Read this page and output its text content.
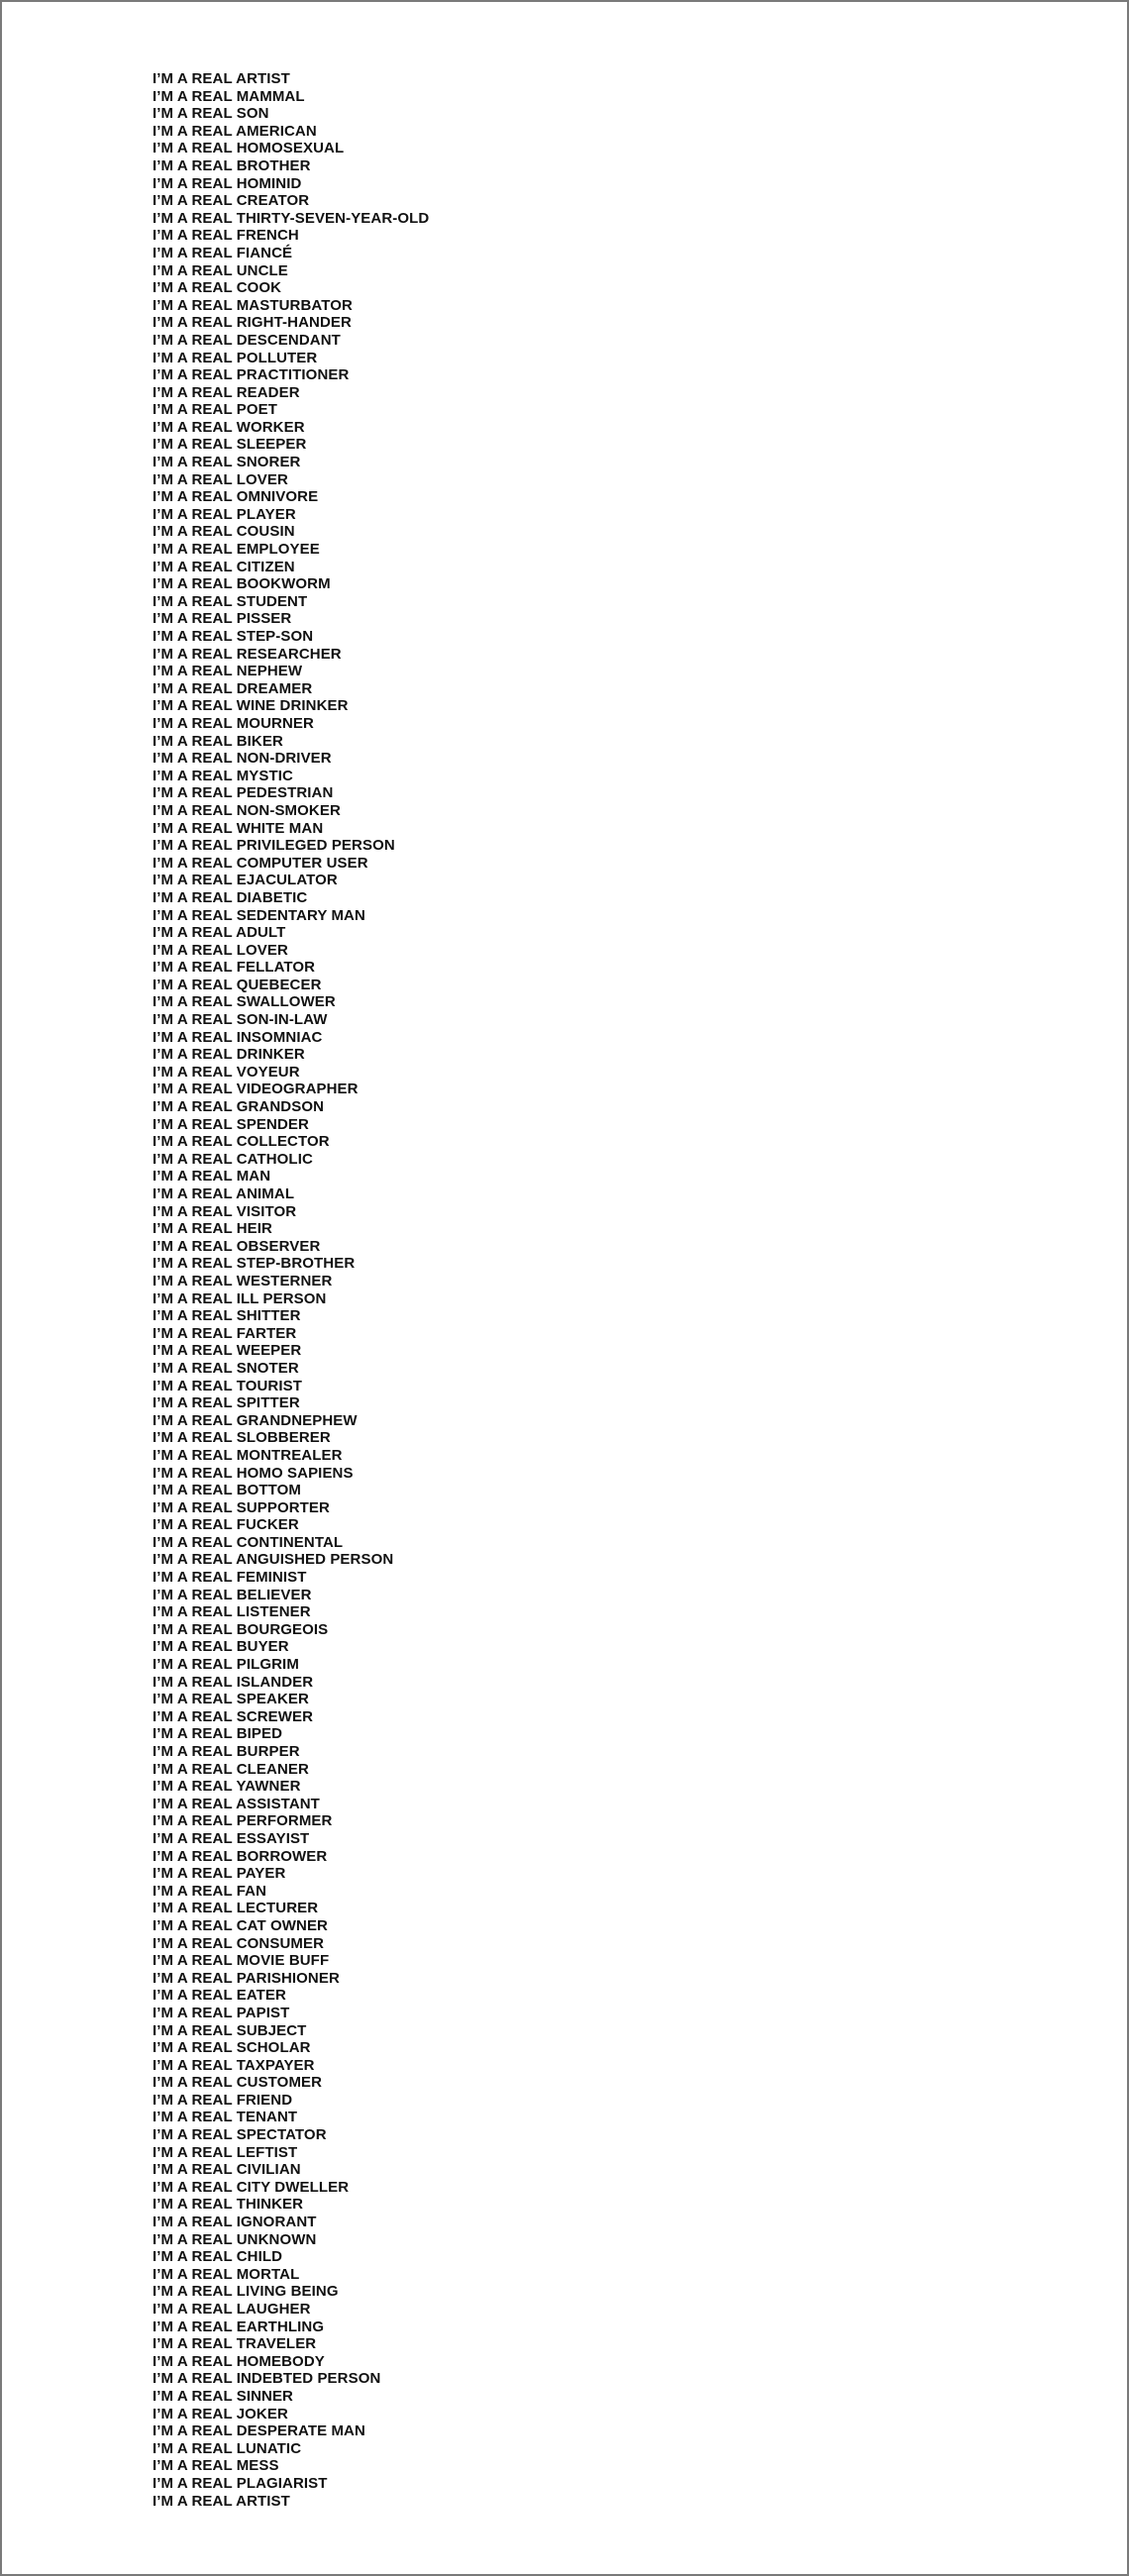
I’M A REAL ARTIST
I’M A REAL MAMMAL
I’M A REAL SON
I’M A REAL AMERICAN
I’M A REAL HOMOSEXUAL
I’M A REAL BROTHER
I’M A REAL HOMINID
I’M A REAL CREATOR
I’M A REAL THIRTY-SEVEN-YEAR-OLD
I’M A REAL FRENCH
I’M A REAL FIANCÉ
I’M A REAL UNCLE
I’M A REAL COOK
I’M A REAL MASTURBATOR
I’M A REAL RIGHT-HANDER
I’M A REAL DESCENDANT
I’M A REAL POLLUTER
I’M A REAL PRACTITIONER
I’M A REAL READER
I’M A REAL POET
I’M A REAL WORKER
I’M A REAL SLEEPER
I’M A REAL SNORER
I’M A REAL LOVER
I’M A REAL OMNIVORE
I’M A REAL PLAYER
I’M A REAL COUSIN
I’M A REAL EMPLOYEE
I’M A REAL CITIZEN
I’M A REAL BOOKWORM
I’M A REAL STUDENT
I’M A REAL PISSER
I’M A REAL STEP-SON
I’M A REAL RESEARCHER
I’M A REAL NEPHEW
I’M A REAL DREAMER
I’M A REAL WINE DRINKER
I’M A REAL MOURNER
I’M A REAL BIKER
I’M A REAL NON-DRIVER
I’M A REAL MYSTIC
I’M A REAL PEDESTRIAN
I’M A REAL NON-SMOKER
I’M A REAL WHITE MAN
I’M A REAL PRIVILEGED PERSON
I’M A REAL COMPUTER USER
I’M A REAL EJACULATOR
I’M A REAL DIABETIC
I’M A REAL SEDENTARY MAN
I’M A REAL ADULT
I’M A REAL LOVER
I’M A REAL FELLATOR
I’M A REAL QUEBECER
I’M A REAL SWALLOWER
I’M A REAL SON-IN-LAW
I’M A REAL INSOMNIAC
I’M A REAL DRINKER
I’M A REAL VOYEUR
I’M A REAL VIDEOGRAPHER
I’M A REAL GRANDSON
I’M A REAL SPENDER
I’M A REAL COLLECTOR
I’M A REAL CATHOLIC
I’M A REAL MAN
I’M A REAL ANIMAL
I’M A REAL VISITOR
I’M A REAL HEIR
I’M A REAL OBSERVER
I’M A REAL STEP-BROTHER
I’M A REAL WESTERNER
I’M A REAL ILL PERSON
I’M A REAL SHITTER
I’M A REAL FARTER
I’M A REAL WEEPER
I’M A REAL SNOTER
I’M A REAL TOURIST
I’M A REAL SPITTER
I’M A REAL GRANDNEPHEW
I’M A REAL SLOBBERER
I’M A REAL MONTREALER
I’M A REAL HOMO SAPIENS
I’M A REAL BOTTOM
I’M A REAL SUPPORTER
I’M A REAL FUCKER
I’M A REAL CONTINENTAL
I’M A REAL ANGUISHED PERSON
I’M A REAL FEMINIST
I’M A REAL BELIEVER
I’M A REAL LISTENER
I’M A REAL BOURGEOIS
I’M A REAL BUYER
I’M A REAL PILGRIM
I’M A REAL ISLANDER
I’M A REAL SPEAKER
I’M A REAL SCREWER
I’M A REAL BIPED
I’M A REAL BURPER
I’M A REAL CLEANER
I’M A REAL YAWNER
I’M A REAL ASSISTANT
I’M A REAL PERFORMER
I’M A REAL ESSAYIST
I’M A REAL BORROWER
I’M A REAL PAYER
I’M A REAL FAN
I’M A REAL LECTURER
I’M A REAL CAT OWNER
I’M A REAL CONSUMER
I’M A REAL MOVIE BUFF
I’M A REAL PARISHIONER
I’M A REAL EATER
I’M A REAL PAPIST
I’M A REAL SUBJECT
I’M A REAL SCHOLAR
I’M A REAL TAXPAYER
I’M A REAL CUSTOMER
I’M A REAL FRIEND
I’M A REAL TENANT
I’M A REAL SPECTATOR
I’M A REAL LEFTIST
I’M A REAL CIVILIAN
I’M A REAL CITY DWELLER
I’M A REAL THINKER
I’M A REAL IGNORANT
I’M A REAL UNKNOWN
I’M A REAL CHILD
I’M A REAL MORTAL
I’M A REAL LIVING BEING
I’M A REAL LAUGHER
I’M A REAL EARTHLING
I’M A REAL TRAVELER
I’M A REAL HOMEBODY
I’M A REAL INDEBTED PERSON
I’M A REAL SINNER
I’M A REAL JOKER
I’M A REAL DESPERATE MAN
I’M A REAL LUNATIC
I’M A REAL MESS
I’M A REAL PLAGIARIST
I’M A REAL ARTIST
